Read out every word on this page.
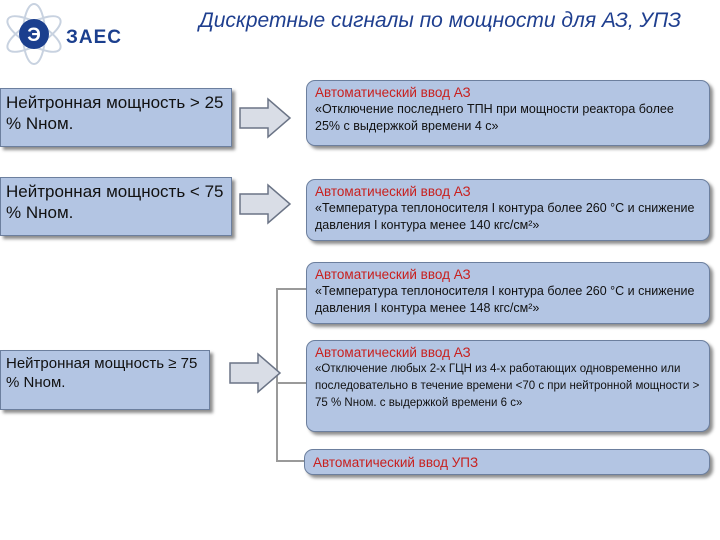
Э ЗАЕС
Дискретные сигналы по мощности для АЗ, УПЗ
Нейтронная мощность > 25 % Nном.
Нейтронная мощность < 75 % Nном.
Нейтронная мощность ≥ 75 % Nном.
Автоматический ввод АЗ
«Отключение последнего ТПН при мощности реактора более 25% с выдержкой времени 4 с»
Автоматический ввод АЗ
«Температура теплоносителя I контура более 260 °C и снижение давления I контура менее 140 кгс/см²»
Автоматический ввод АЗ
«Температура теплоносителя I контура более 260 °C и снижение давления I контура менее 148 кгс/см²»
Автоматический ввод АЗ
«Отключение любых 2-х ГЦН из 4-х работающих одновременно или последовательно в течение времени <70 с при нейтронной мощности > 75 % Nном. с выдержкой времени 6 с»
Автоматический ввод УПЗ
